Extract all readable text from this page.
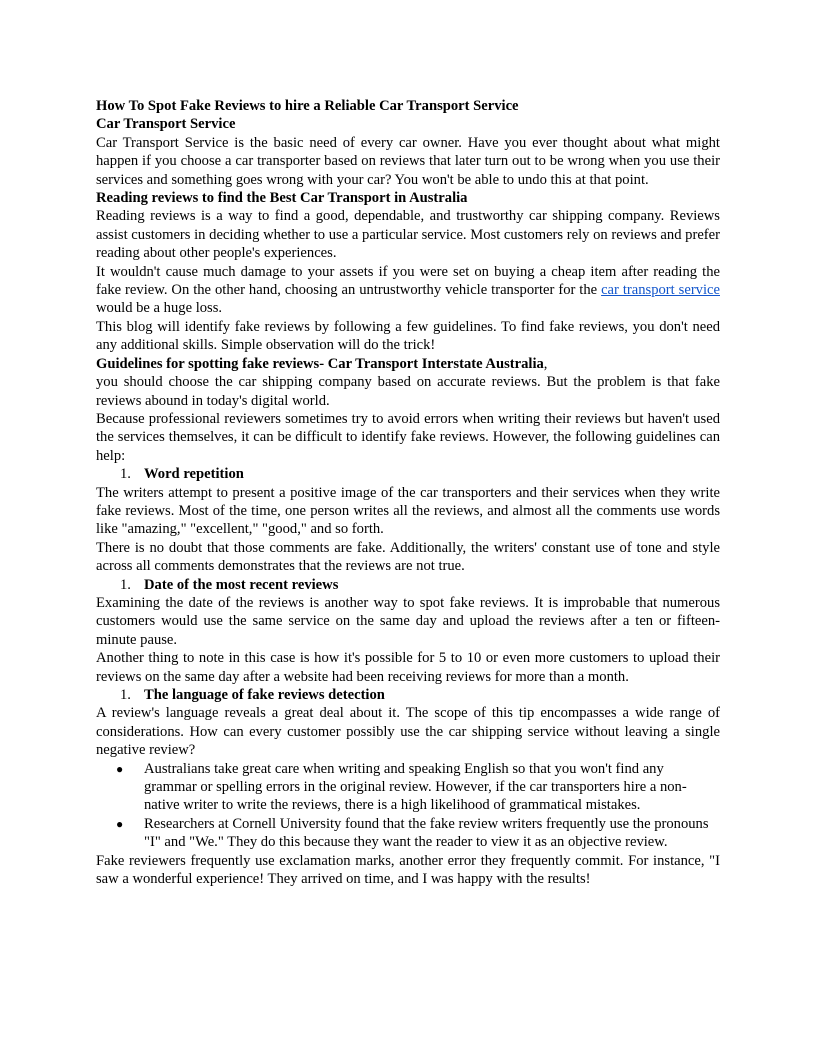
How To Spot Fake Reviews to hire a Reliable Car Transport Service

Car Transport Service

Car Transport Service is the basic need of every car owner. Have you ever thought about what might happen if you choose a car transporter based on reviews that later turn out to be wrong when you use their services and something goes wrong with your car? You won't be able to undo this at that point.

Reading reviews to find the Best Car Transport in Australia

Reading reviews is a way to find a good, dependable, and trustworthy car shipping company. Reviews assist customers in deciding whether to use a particular service. Most customers rely on reviews and prefer reading about other people's experiences.

It wouldn't cause much damage to your assets if you were set on buying a cheap item after reading the fake review. On the other hand, choosing an untrustworthy vehicle transporter for the car transport service would be a huge loss.

This blog will identify fake reviews by following a few guidelines. To find fake reviews, you don't need any additional skills. Simple observation will do the trick!

Guidelines for spotting fake reviews- Car Transport Interstate Australia,

you should choose the car shipping company based on accurate reviews. But the problem is that fake reviews abound in today's digital world.

Because professional reviewers sometimes try to avoid errors when writing their reviews but haven't used the services themselves, it can be difficult to identify fake reviews. However, the following guidelines can help:

1. Word repetition

The writers attempt to present a positive image of the car transporters and their services when they write fake reviews. Most of the time, one person writes all the reviews, and almost all the comments use words like "amazing," "excellent," "good," and so forth.

There is no doubt that those comments are fake. Additionally, the writers' constant use of tone and style across all comments demonstrates that the reviews are not true.

1. Date of the most recent reviews

Examining the date of the reviews is another way to spot fake reviews. It is improbable that numerous customers would use the same service on the same day and upload the reviews after a ten or fifteen-minute pause.

Another thing to note in this case is how it's possible for 5 to 10 or even more customers to upload their reviews on the same day after a website had been receiving reviews for more than a month.

1. The language of fake reviews detection

A review's language reveals a great deal about it. The scope of this tip encompasses a wide range of considerations. How can every customer possibly use the car shipping service without leaving a single negative review?

● Australians take great care when writing and speaking English so that you won't find any grammar or spelling errors in the original review. However, if the car transporters hire a non-native writer to write the reviews, there is a high likelihood of grammatical mistakes.
● Researchers at Cornell University found that the fake review writers frequently use the pronouns "I" and "We." They do this because they want the reader to view it as an objective review.

Fake reviewers frequently use exclamation marks, another error they frequently commit. For instance, "I saw a wonderful experience! They arrived on time, and I was happy with the results!
